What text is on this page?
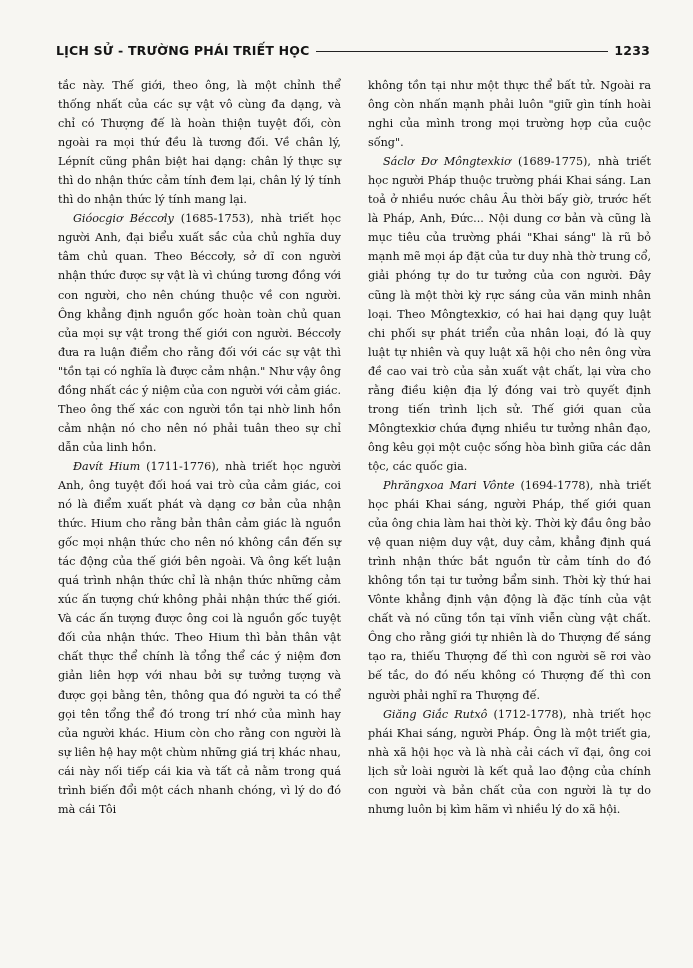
LỊCH SỬ - TRƯỜNG PHÁI TRIẾT HỌC	1233

tắc này. Thế giới, theo ông, là một chỉnh thể thống nhất của các sự vật vô cùng đa dạng, và chỉ có Thượng đế là hoàn thiện tuyệt đối, còn ngoài ra mọi thứ đều là tương đối. Về chân lý, Lépnít cũng phân biệt hai dạng: chân lý thực sự thì do nhận thức cảm tính đem lại, chân lý lý tính thì do nhận thức lý tính mang lại.

Gióocgiơ Béccơly (1685-1753), nhà triết học người Anh, đại biểu xuất sắc của chủ nghĩa duy tâm chủ quan. Theo Béccơly, sở dĩ con người nhận thức được sự vật là vì chúng tương đồng với con người, cho nên chúng thuộc về con người. Ông khẳng định nguồn gốc hoàn toàn chủ quan của mọi sự vật trong thế giới con người. Béccơly đưa ra luận điểm cho rằng đối với các sự vật thì "tồn tại có nghĩa là được cảm nhận." Như vậy ông đồng nhất các ý niệm của con người với cảm giác. Theo ông thế xác con người tồn tại nhờ linh hồn cảm nhận nó cho nên nó phải tuân theo sự chỉ dẫn của linh hồn.

Đavít Hium (1711-1776), nhà triết học người Anh, ông tuyệt đối hoá vai trò của cảm giác, coi nó là điểm xuất phát và dạng cơ bản của nhận thức. Hium cho rằng bản thân cảm giác là nguồn gốc mọi nhận thức cho nên nó không cần đến sự tác động của thế giới bên ngoài. Và ông kết luận quá trình nhận thức chỉ là nhận thức những cảm xúc ấn tượng chứ không phải nhận thức thế giới. Và các ấn tượng được ông coi là nguồn gốc tuyệt đối của nhận thức. Theo Hium thì bản thân vật chất thực thể chính là tổng thể các ý niệm đơn giản liên hợp với nhau bởi sự tưởng tượng và được gọi bằng tên, thông qua đó người ta có thể gọi tên tổng thể đó trong trí nhớ của mình hay của người khác. Hium còn cho rằng con người là sự liên hệ hay một chùm những giá trị khác nhau, cái này nối tiếp cái kia và tất cả nằm trong quá trình biến đổi một cách nhanh chóng, vì lý do đó mà cái Tôi

không tồn tại như một thực thể bất tử. Ngoài ra ông còn nhấn mạnh phải luôn "giữ gìn tính hoài nghi của mình trong mọi trường hợp của cuộc sống".

Sáclơ Đơ Môngtexkiơ (1689-1775), nhà triết học người Pháp thuộc trường phái Khai sáng. Lan toả ở nhiều nước châu Âu thời bấy giờ, trước hết là Pháp, Anh, Đức... Nội dung cơ bản và cũng là mục tiêu của trường phái "Khai sáng" là rũ bỏ mạnh mẽ mọi áp đặt của tư duy nhà thờ trung cổ, giải phóng tự do tư tưởng của con người. Đây cũng là một thời kỳ rực sáng của văn minh nhân loại. Theo Môngtexkiơ, có hai hai dạng quy luật chi phối sự phát triển của nhân loại, đó là quy luật tự nhiên và quy luật xã hội cho nên ông vừa đề cao vai trò của sản xuất vật chất, lại vừa cho rằng điều kiện địa lý đóng vai trò quyết định trong tiến trình lịch sử. Thế giới quan của Môngtexkiơ chứa đựng nhiều tư tưởng nhân đạo, ông kêu gọi một cuộc sống hòa bình giữa các dân tộc, các quốc gia.

Phrăngxoa Mari Vônte (1694-1778), nhà triết học phái Khai sáng, người Pháp, thế giới quan của ông chia làm hai thời kỳ. Thời kỳ đầu ông bảo vệ quan niệm duy vật, duy cảm, khẳng định quá trình nhận thức bắt nguồn từ cảm tính do đó không tồn tại tư tưởng bẩm sinh. Thời kỳ thứ hai Vônte khẳng định vận động là đặc tính của vật chất và nó cũng tồn tại vĩnh viễn cùng vật chất. Ông cho rằng giới tự nhiên là do Thượng đế sáng tạo ra, thiếu Thượng đế thì con người sẽ rơi vào bế tắc, do đó nếu không có Thượng đế thì con người phải nghĩ ra Thượng đế.

Giăng Giắc Rutxô (1712-1778), nhà triết học phái Khai sáng, người Pháp. Ông là một triết gia, nhà xã hội học và là nhà cải cách vĩ đại, ông coi lịch sử loài người là kết quả lao động của chính con người và bản chất của con người là tự do nhưng luôn bị kìm hãm vì nhiều lý do xã hội.
